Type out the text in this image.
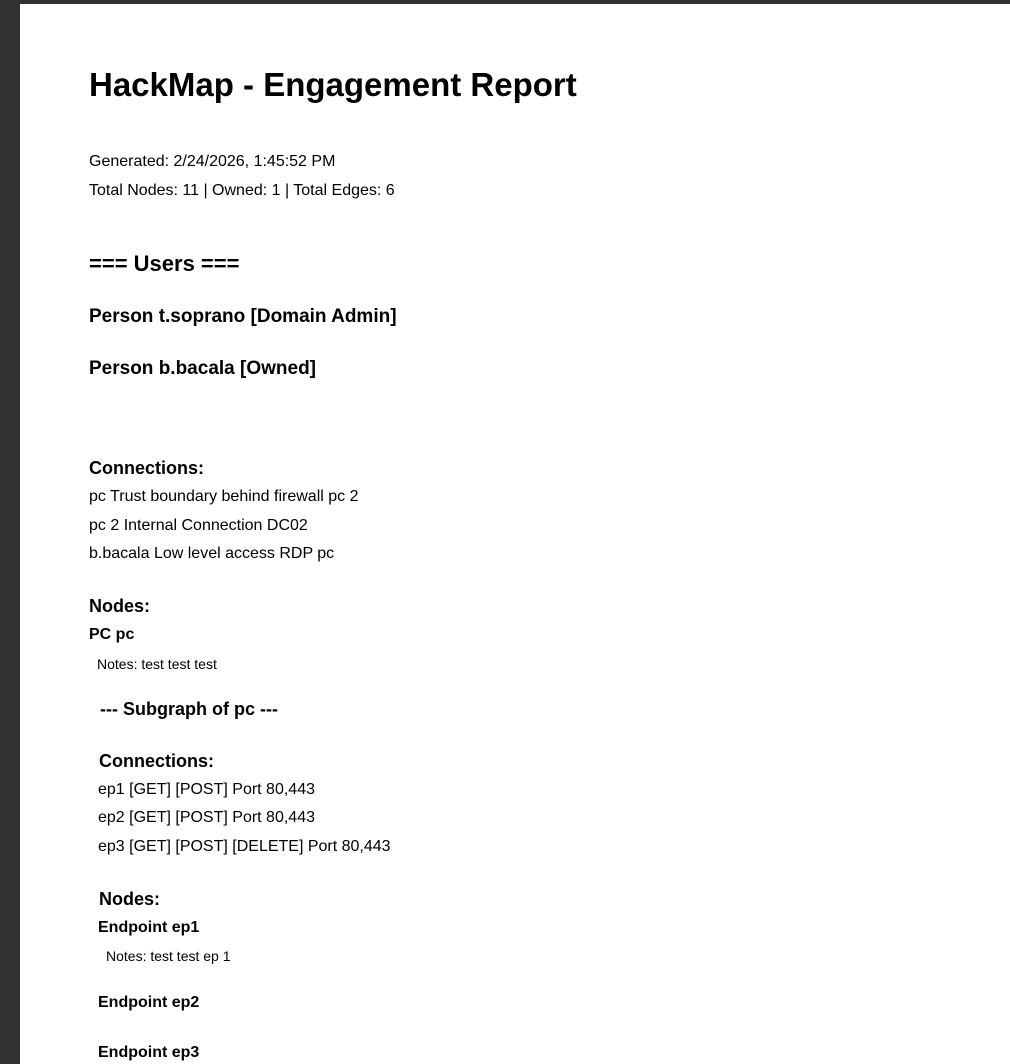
HackMap - Engagement Report
Generated: 2/24/2026, 1:45:52 PM
Total Nodes: 11 | Owned: 1 | Total Edges: 6
=== Users ===
Person t.soprano [Domain Admin]
Person b.bacala [Owned]
Connections:
pc Trust boundary behind firewall pc 2
pc 2 Internal Connection DC02
b.bacala Low level access RDP pc
Nodes:
PC pc
Notes: test test test
--- Subgraph of pc ---
Connections:
ep1 [GET] [POST] Port 80,443
ep2 [GET] [POST] Port 80,443
ep3 [GET] [POST] [DELETE] Port 80,443
Nodes:
Endpoint ep1
Notes: test test ep 1
Endpoint ep2
Endpoint ep3
